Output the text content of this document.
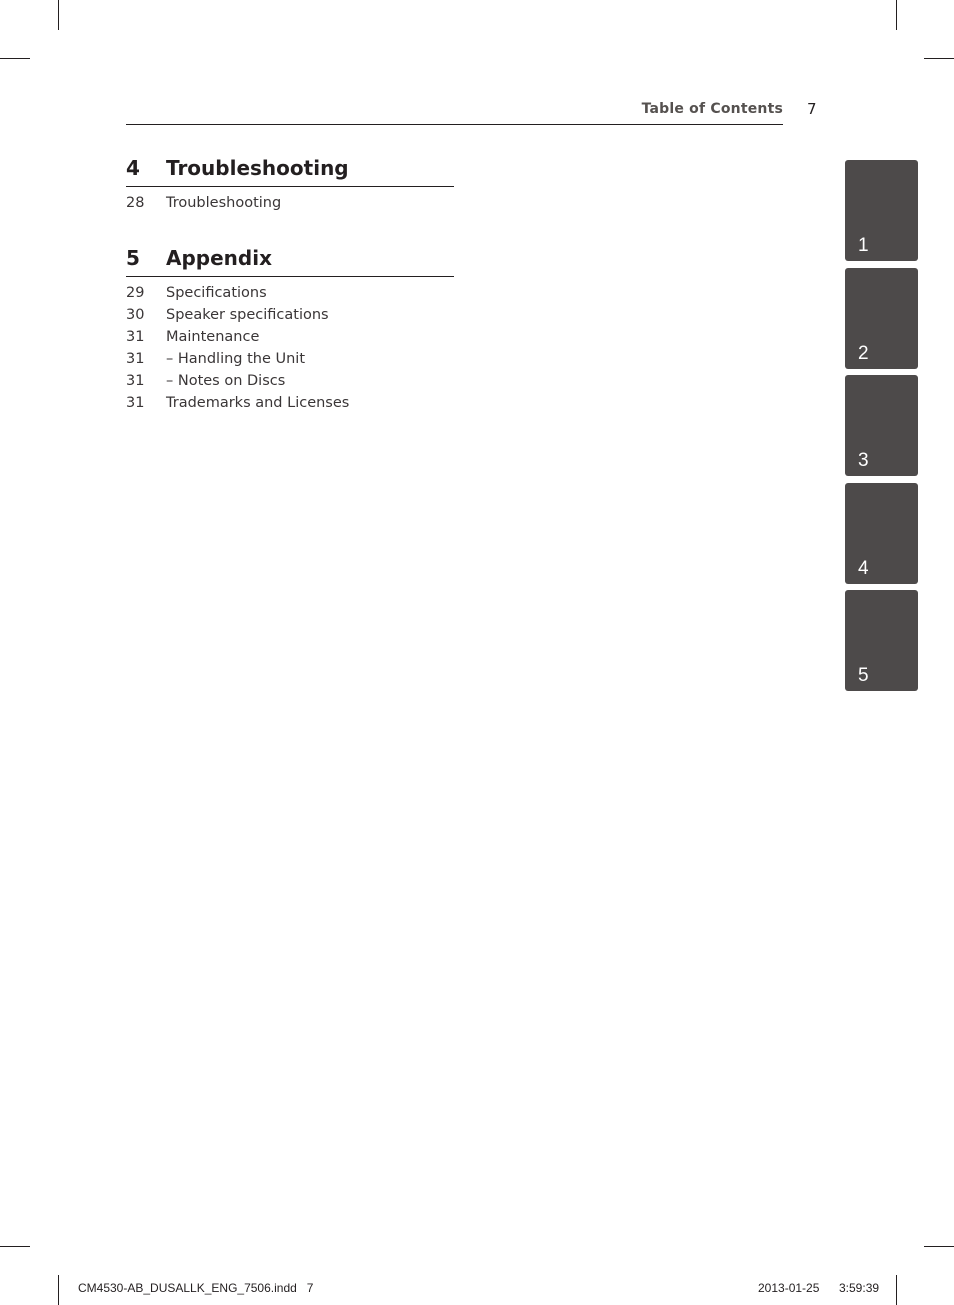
Table of Contents 7
4 Troubleshooting
28 Troubleshooting
5 Appendix
29 Specifications
30 Speaker specifications
31 Maintenance
31 – Handling the Unit
31 – Notes on Discs
31 Trademarks and Licenses
1
2
3
4
5
CM4530-AB_DUSALLK_ENG_7506.indd   7	2013-01-25 3:59:39
